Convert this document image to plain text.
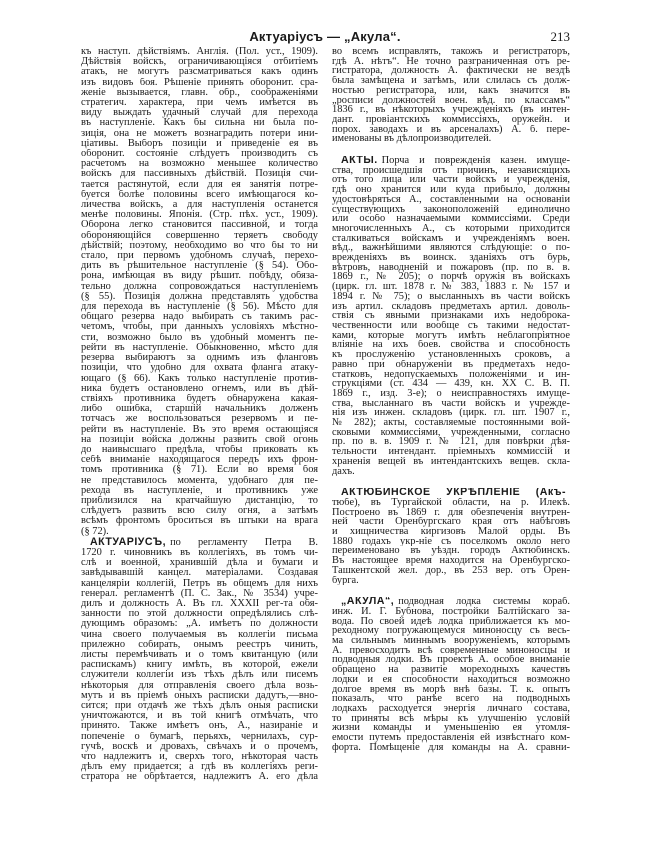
Актуаріусъ — „Акула“.	213
къ наступ. дѣйствіямъ. Англія. (Пол. уст., 1909).
Дѣйствія войскъ, ограничивающіяся отбитіемъ
атакъ, не могутъ разсматриваться какъ одинъ
изъ видовъ боя. Рѣшеніе принять оборонит. сра-
женіе вызывается, главн. обр., соображеніями
стратегич. характера, при чемъ имѣется въ
виду выждать удачный случай для перехода
въ наступленіе. Какъ бы сильна ни была по-
зиція, она не можетъ вознаградить потери ини-
ціативы. Выборъ позиціи и приведеніе ея въ
оборонит. состояніе слѣдуетъ производить съ
расчетомъ на возможно меньшее количество
войскъ для пассивныхъ дѣйствій. Позиція счи-
тается растянутой, если для ея занятія потре-
буется болѣе половины всего имѣющагося ко-
личества войскъ, а для наступленія останется
менѣе половины. Японія. (Стр. пѣх. уст., 1909).
Оборона легко становится пассивной, и тогда
обороняющійся совершенно теряетъ свободу
дѣйствій; поэтому, необходимо во что бы то ни
стало, при первомъ удобномъ случаѣ, перехо-
дить въ рѣшительное наступленіе (§ 54). Обо-
рона, имѣющая въ виду рѣшит. побѣду, обяза-
тельно должна сопровождаться наступленіемъ
(§ 55). Позиція должна представлять удобства
для перехода въ наступленіе (§ 56). Мѣсто для
общаго резерва надо выбирать съ такимъ рас-
четомъ, чтобы, при данныхъ условіяхъ мѣстно-
сти, возможно было въ удобный моментъ пе-
рейти въ наступленіе. Обыкновенно, мѣсто для
резерва выбираютъ за однимъ изъ фланговъ
позиціи, что удобно для охвата фланга атаку-
ющаго (§ 66). Какъ только наступленіе против-
ника будетъ остановлено огнемъ, или въ дѣй-
ствіяхъ противника будетъ обнаружена какая-
либо ошибка, старшій начальникъ долженъ
тотчасъ же воспользоваться резервомъ и пе-
рейти въ наступленіе. Въ это время остающіяся
на позиціи войска должны развить свой огонь
до наивысшаго предѣла, чтобы приковать къ
себѣ вниманіе находящагося передъ ихъ фрон-
томъ противника (§ 71). Если во время боя
не представилось момента, удобнаго для пе-
рехода въ наступленіе, и противникъ уже
приблизился на кратчайшую дистанцію, то
слѣдуетъ развить всю силу огня, а затѣмъ
всѣмъ фронтомъ броситься въ штыки на врага
(§ 72).
АКТУАРІУСЪ, по регламенту Петра В.
1720 г. чиновникъ въ коллегіяхъ, въ томъ чи-
слѣ и военной, хранившій дѣла и бумаги и
завѣдывавшій канцел. матеріалами. Создавая
канцеляріи коллегій, Петръ въ общемъ для нихъ
генерал. регламентѣ (П. С. Зак., № 3534) учре-
дилъ и должность А. Въ гл. XXXII рег-та обя-
занности по этой должности опредѣлялись слѣ-
дующимъ образомъ: „А. имѣетъ по должности
чина своего получаемыя въ коллегіи письма
прилежно собирать, онымъ реестръ чинить,
листы перемѣчивать и о томъ квитанцую (или
распискамъ) книгу имѣть, въ которой, ежели
служители коллегіи изъ тѣхъ дѣлъ или писемъ
нѣкоторыя для отправленія своего дѣла возь-
мутъ и въ пріемѣ оныхъ расписки дадутъ,—вно-
сится; при отдачѣ же тѣхъ дѣлъ оныя расписки
уничтожаются, и въ той книгѣ отмѣчать, что
принято. Также имѣетъ онъ, А., назираніе и
попеченіе о бумагѣ, перьяхъ, чернилахъ, сур-
гучѣ, воскѣ и дровахъ, свѣчахъ и о прочемъ,
что надлежитъ и, сверхъ того, нѣкоторая часть
дѣлъ ему придается; а гдѣ въ коллегіяхъ реги-
стратора не обрѣтается, надлежитъ А. его дѣла
во всемъ исправлять, такожъ и регистраторъ,
гдѣ А. нѣтъ“. Не точно разграниченная отъ ре-
гистратора, должность А. фактически не вездѣ
была замѣщена и затѣмъ, или слилась съ долж-
ностью регистратора, или, какъ значится въ
„росписи должностей воен. вѣд. по классамъ“
1836 г., въ нѣкоторыхъ учрежденіяхъ (въ интен-
дант. провіантскихъ коммиссіяхъ, оружейн. и
порох. заводахъ и въ арсеналахъ) А. б. пере-
именованы въ дѣлопроизводителей.
АКТЫ. Порча и поврежденія казен. имуще-
ства, происшедшія отъ причинъ, независящихъ
отъ того лица или части войскъ и учрежденія,
гдѣ оно хранится или куда прибыло, должны
удостовѣряться А., составленными на основаніи
существующихъ законоположеній единолично
или особо назначаемыми коммиссіями. Среди
многочисленныхъ А., съ которыми приходится
сталкиваться войскамъ и учрежденіямъ воен.
вѣд., важнѣйшими являются слѣдующіе: о по-
врежденіяхъ въ воинск. зданіяхъ отъ бурь,
вѣтровъ, наводненій и пожаровъ (пр. по в. в.
1869 г., № 205); о порчѣ оружія въ войскахъ
(цирк. гл. шт. 1878 г. № 383, 1883 г. № 157 и
1894 г. № 75); о высланныхъ въ части войскъ
изъ артил. складовъ предметахъ артил. доволь-
ствія съ явными признаками ихъ недоброка-
чественности или вообще съ такими недостат-
ками, которые могутъ имѣть неблагопріятное
вліяніе на ихъ боев. свойства и способность
къ прослуженію установленныхъ сроковъ, а
равно при обнаруженіи въ предметахъ недо-
статковъ, недопускаемыхъ положеніями и ин-
струкціями (ст. 434 — 439, кн. XX С. В. П.
1869 г., изд. 3-е); о неисправностяхъ имуще-
ства, высланнаго въ части войскъ и учрежде-
нія изъ инжен. складовъ (цирк. гл. шт. 1907 г.,
№ 282); акты, составляемые постоянными вой-
сковыми коммиссіями, учрежденными, согласно
пр. по в. в. 1909 г. № 121, для повѣрки дѣя-
тельности интендант. пріемныхъ коммиссій и
храненія вещей въ интендантскихъ вещев. скла-
дахъ.
АКТЮБИНСКОЕ УКРѢПЛЕНІЕ (Акъ-
тюбе), въ Тургайской области, на р. Илекѣ.
Построено въ 1869 г. для обезпеченія внутрен-
ней части Оренбургскаго края отъ набѣговъ
и хищничества киргизовъ Малой орды. Въ
1880 годахъ укр-ніе съ поселкомъ около него
переименовано въ уѣздн. городъ Актюбинскъ.
Въ настоящее время находится на Оренбургско-
Ташкентской жел. дор., въ 253 вер. отъ Орен-
бурга.
„АКУЛА“, подводная лодка системы кораб.
инж. И. Г. Бубнова, постройки Балтійскаго за-
вода. По своей идеѣ лодка приближается къ мо-
реходному погружающемуся миноносцу съ весь-
ма сильнымъ миннымъ вооруженіемъ, которымъ
А. превосходитъ всѣ современные миноносцы и
подводныя лодки. Въ проектѣ А. особое вниманіе
обращено на развитіе мореходныхъ качествъ
лодки и ея способности находиться возможно
долгое время въ морѣ внѣ базы. Т. к. опытъ
показалъ, что ранѣе всего на подводныхъ
лодкахъ расходуется энергія личнаго состава,
то приняты всѣ мѣры къ улучшенію условій
жизни команды и уменьшенію ея утомля-
емости путемъ предоставленія ей извѣстнаго ком-
форта. Помѣщеніе для команды на А. сравни-
